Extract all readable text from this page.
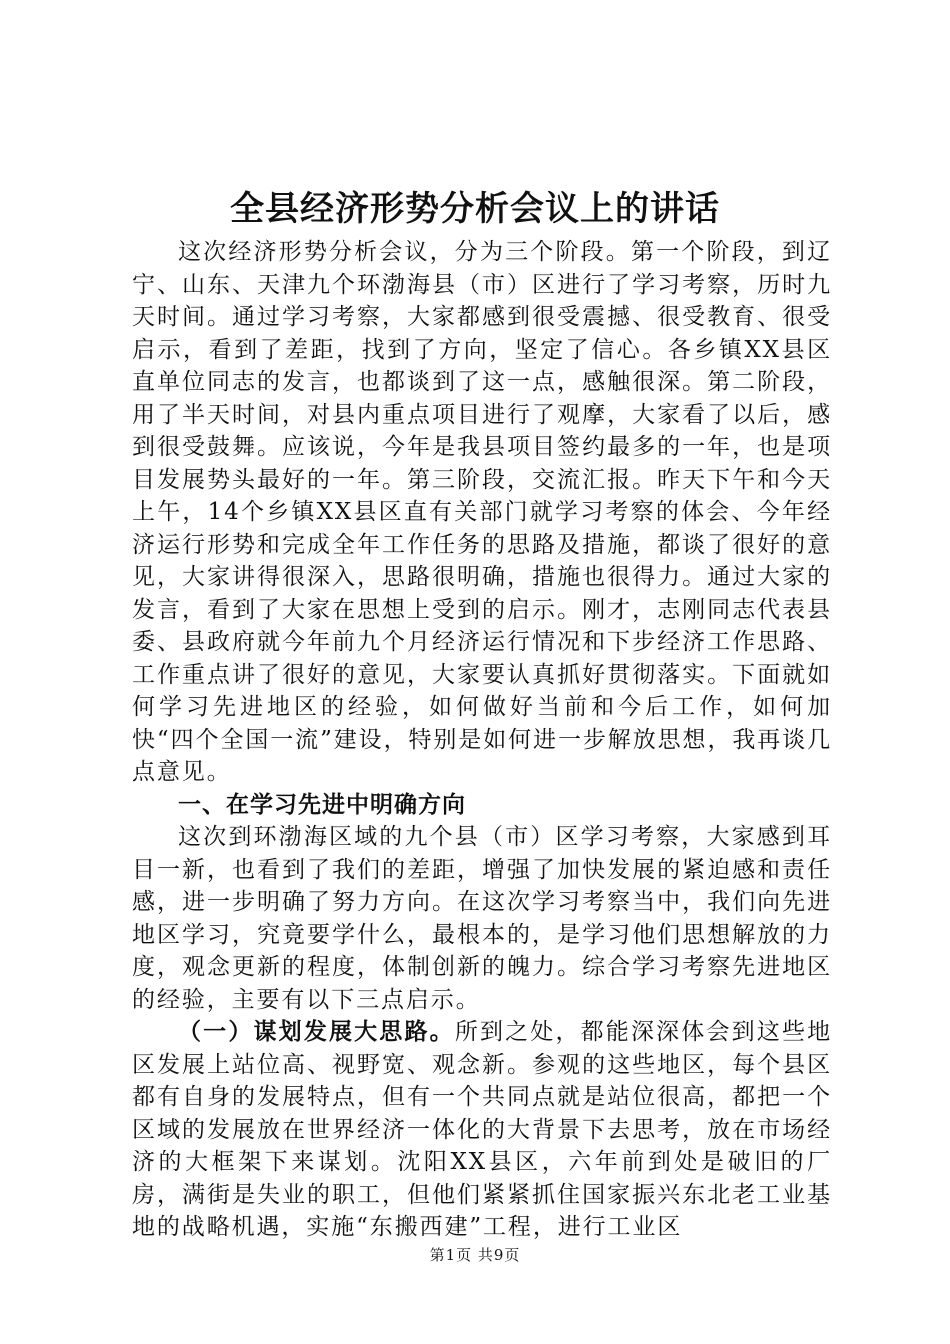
全县经济形势分析会议上的讲话

这次经济形势分析会议，分为三个阶段。第一个阶段，到辽宁、山东、天津九个环渤海县（市）区进行了学习考察，历时九天时间。通过学习考察，大家都感到很受震撼、很受教育、很受启示，看到了差距，找到了方向，坚定了信心。各乡镇XX县区直单位同志的发言，也都谈到了这一点，感触很深。第二阶段，用了半天时间，对县内重点项目进行了观摩，大家看了以后，感到很受鼓舞。应该说，今年是我县项目签约最多的一年，也是项目发展势头最好的一年。第三阶段，交流汇报。昨天下午和今天上午，14个乡镇XX县区直有关部门就学习考察的体会、今年经济运行形势和完成全年工作任务的思路及措施，都谈了很好的意见，大家讲得很深入，思路很明确，措施也很得力。通过大家的发言，看到了大家在思想上受到的启示。刚才，志刚同志代表县委、县政府就今年前九个月经济运行情况和下步经济工作思路、工作重点讲了很好的意见，大家要认真抓好贯彻落实。下面就如何学习先进地区的经验，如何做好当前和今后工作，如何加快“四个全国一流”建设，特别是如何进一步解放思想，我再谈几点意见。

一、在学习先进中明确方向

这次到环渤海区域的九个县（市）区学习考察，大家感到耳目一新，也看到了我们的差距，增强了加快发展的紧迫感和责任感，进一步明确了努力方向。在这次学习考察当中，我们向先进地区学习，究竟要学什么，最根本的，是学习他们思想解放的力度，观念更新的程度，体制创新的魄力。综合学习考察先进地区的经验，主要有以下三点启示。

（一）谋划发展大思路。所到之处，都能深深体会到这些地区发展上站位高、视野宽、观念新。参观的这些地区，每个县区都有自身的发展特点，但有一个共同点就是站位很高，都把一个区域的发展放在世界经济一体化的大背景下去思考，放在市场经济的大框架下来谋划。沈阳XX县区，六年前到处是破旧的厂房，满街是失业的职工，但他们紧紧抓住国家振兴东北老工业基地的战略机遇，实施“东搬西建”工程，进行工业区

第1页 共9页
